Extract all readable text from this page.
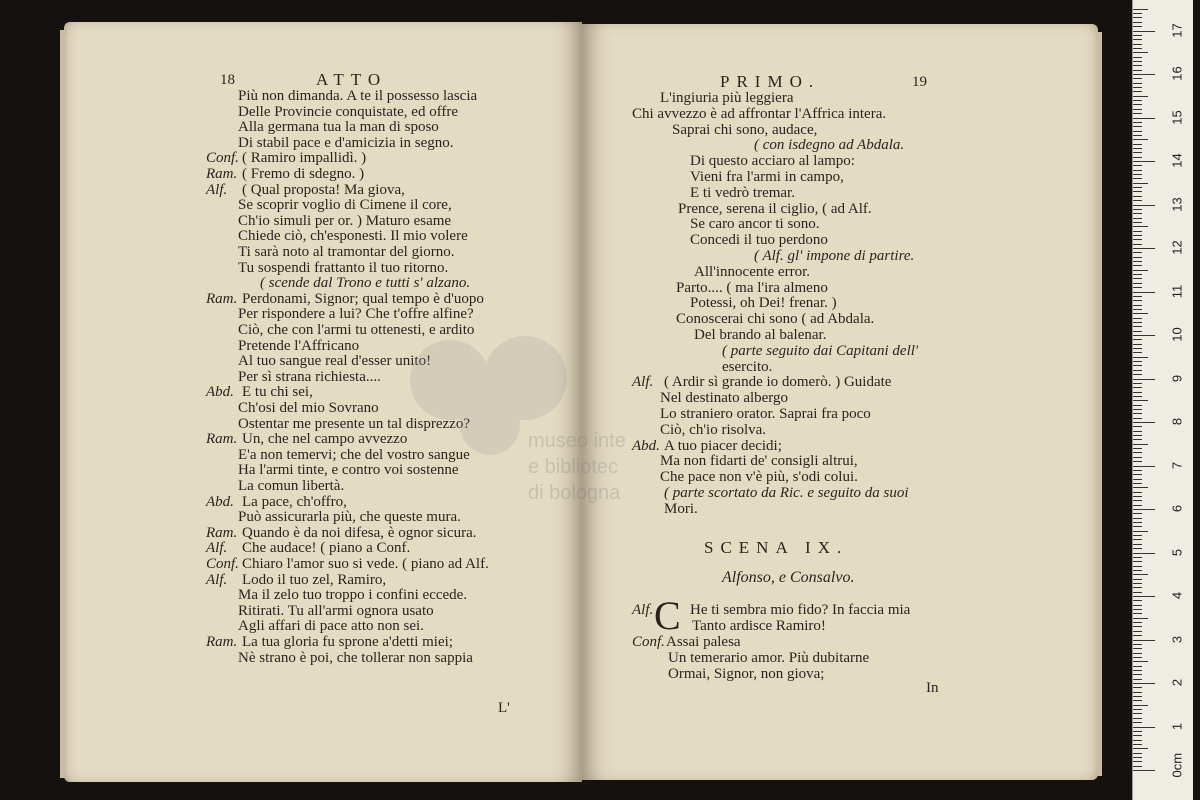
18	ATTO
Più non dimanda. A te il possesso lascia
Delle Provincie conquistate, ed offre
Alla germana tua la man di sposo
Di stabil pace e d'amicizia in segno.
Conf. ( Ramiro impallidì. )
Ram. ( Fremo di sdegno. )
Alf. ( Qual proposta! Ma giova,
Se scoprir voglio di Cimene il core,
Ch'io simuli per or. ) Maturo esame
Chiede ciò, ch'esponesti. Il mio volere
Ti sarà noto al tramontar del giorno.
Tu sospendi frattanto il tuo ritorno.
( scende dal Trono e tutti s' alzano.
Ram. Perdonami, Signor; qual tempo è d'uopo
Per rispondere a lui? Che t'offre alfine?
Ciò, che con l'armi tu ottenesti, e ardito
Pretende l'Affricano
Al tuo sangue real d'esser unito!
Per sì strana richiesta....
Abd. E tu chi sei,
Ch'osi del mio Sovrano
Ostentar me presente un tal disprezzo?
Ram. Un, che nel campo avvezzo
E'a non temervi; che del vostro sangue
Ha l'armi tinte, e contro voi sostenne
La comun libertà.
Abd. La pace, ch'offro,
Può assicurarla più, che queste mura.
Ram. Quando è da noi difesa, è ognor sicura.
Alf. Che audace! ( piano a Conf.
Conf. Chiaro l'amor suo si vede. ( piano ad Alf.
Alf. Lodo il tuo zel, Ramiro,
Ma il zelo tuo troppo i confini eccede.
Ritirati. Tu all'armi ognora usato
Agli affari di pace atto non sei.
Ram. La tua gloria fu sprone a'detti miei;
Nè strano è poi, che tollerar non sappia
L'
PRIMO.	19
L'ingiuria più leggiera
Chi avvezzo è ad affrontar l'Affrica intera.
Saprai chi sono, audace,
( con isdegno ad Abdala.
Di questo acciaro al lampo:
Vieni fra l'armi in campo,
E ti vedrò tremar.
Prence, serena il ciglio, ( ad Alf.
Se caro ancor ti sono.
Concedi il tuo perdono
( Alf. gl' impone di partire.
All'innocente error.
Parto.... ( ma l'ira almeno
Potessi, oh Dei! frenar. )
Conoscerai chi sono ( ad Abdala.
Del brando al balenar.
( parte seguito dai Capitani dell'
esercito.
Alf. ( Ardir sì grande io domerò. ) Guidate
Nel destinato albergo
Lo straniero orator. Saprai fra poco
Ciò, ch'io risolva.
Abd. A tuo piacer decidi;
Ma non fidarti de' consigli altrui,
Che pace non v'è più, s'odi colui.
( parte scortato da Ric. e seguito da suoi
Mori.
SCENA IX.
Alfonso, e Consalvo.
Alf. C He ti sembra mio fido? In faccia mia
Tanto ardisce Ramiro!
Conf. Assai palesa
Un temerario amor. Più dubitarne
Ormai, Signor, non giova;
In
museo inte
e bibliotec
di bologna
0cm
1
2
3
4
5
6
7
8
9
10
11
12
13
14
15
16
17
